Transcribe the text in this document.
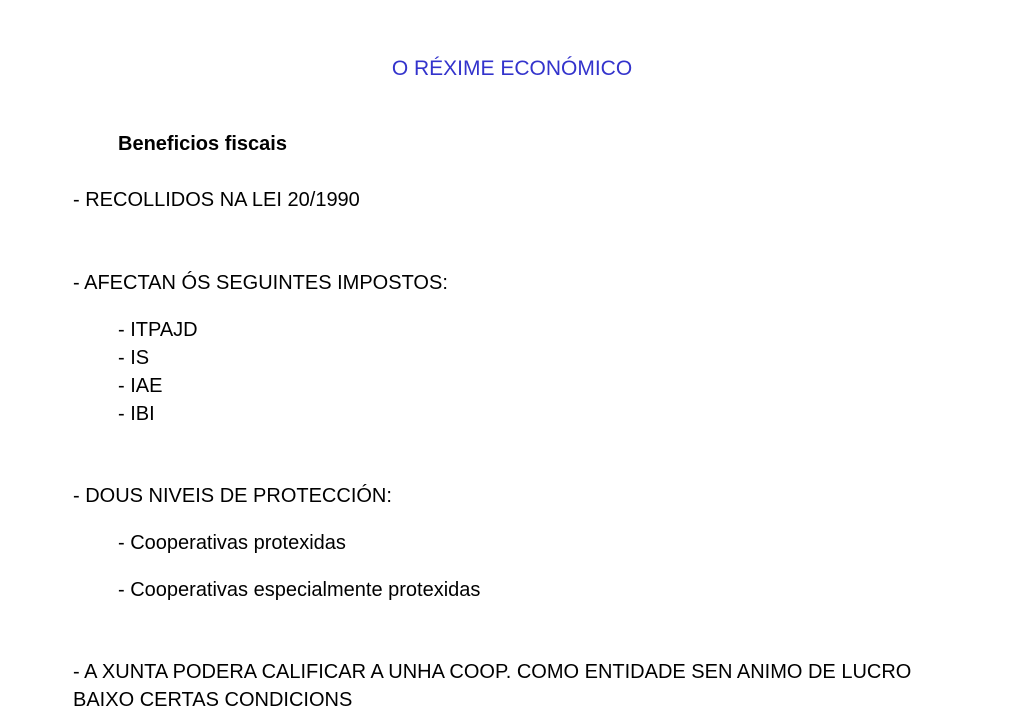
O RÉXIME ECONÓMICO
Beneficios fiscais
- RECOLLIDOS NA LEI 20/1990
- AFECTAN ÓS SEGUINTES IMPOSTOS:
- ITPAJD
- IS
- IAE
- IBI
- DOUS NIVEIS DE PROTECCIÓN:
- Cooperativas protexidas
- Cooperativas especialmente protexidas
- A XUNTA PODERA CALIFICAR A UNHA COOP. COMO ENTIDADE SEN ANIMO DE LUCRO BAIXO CERTAS CONDICIONS
